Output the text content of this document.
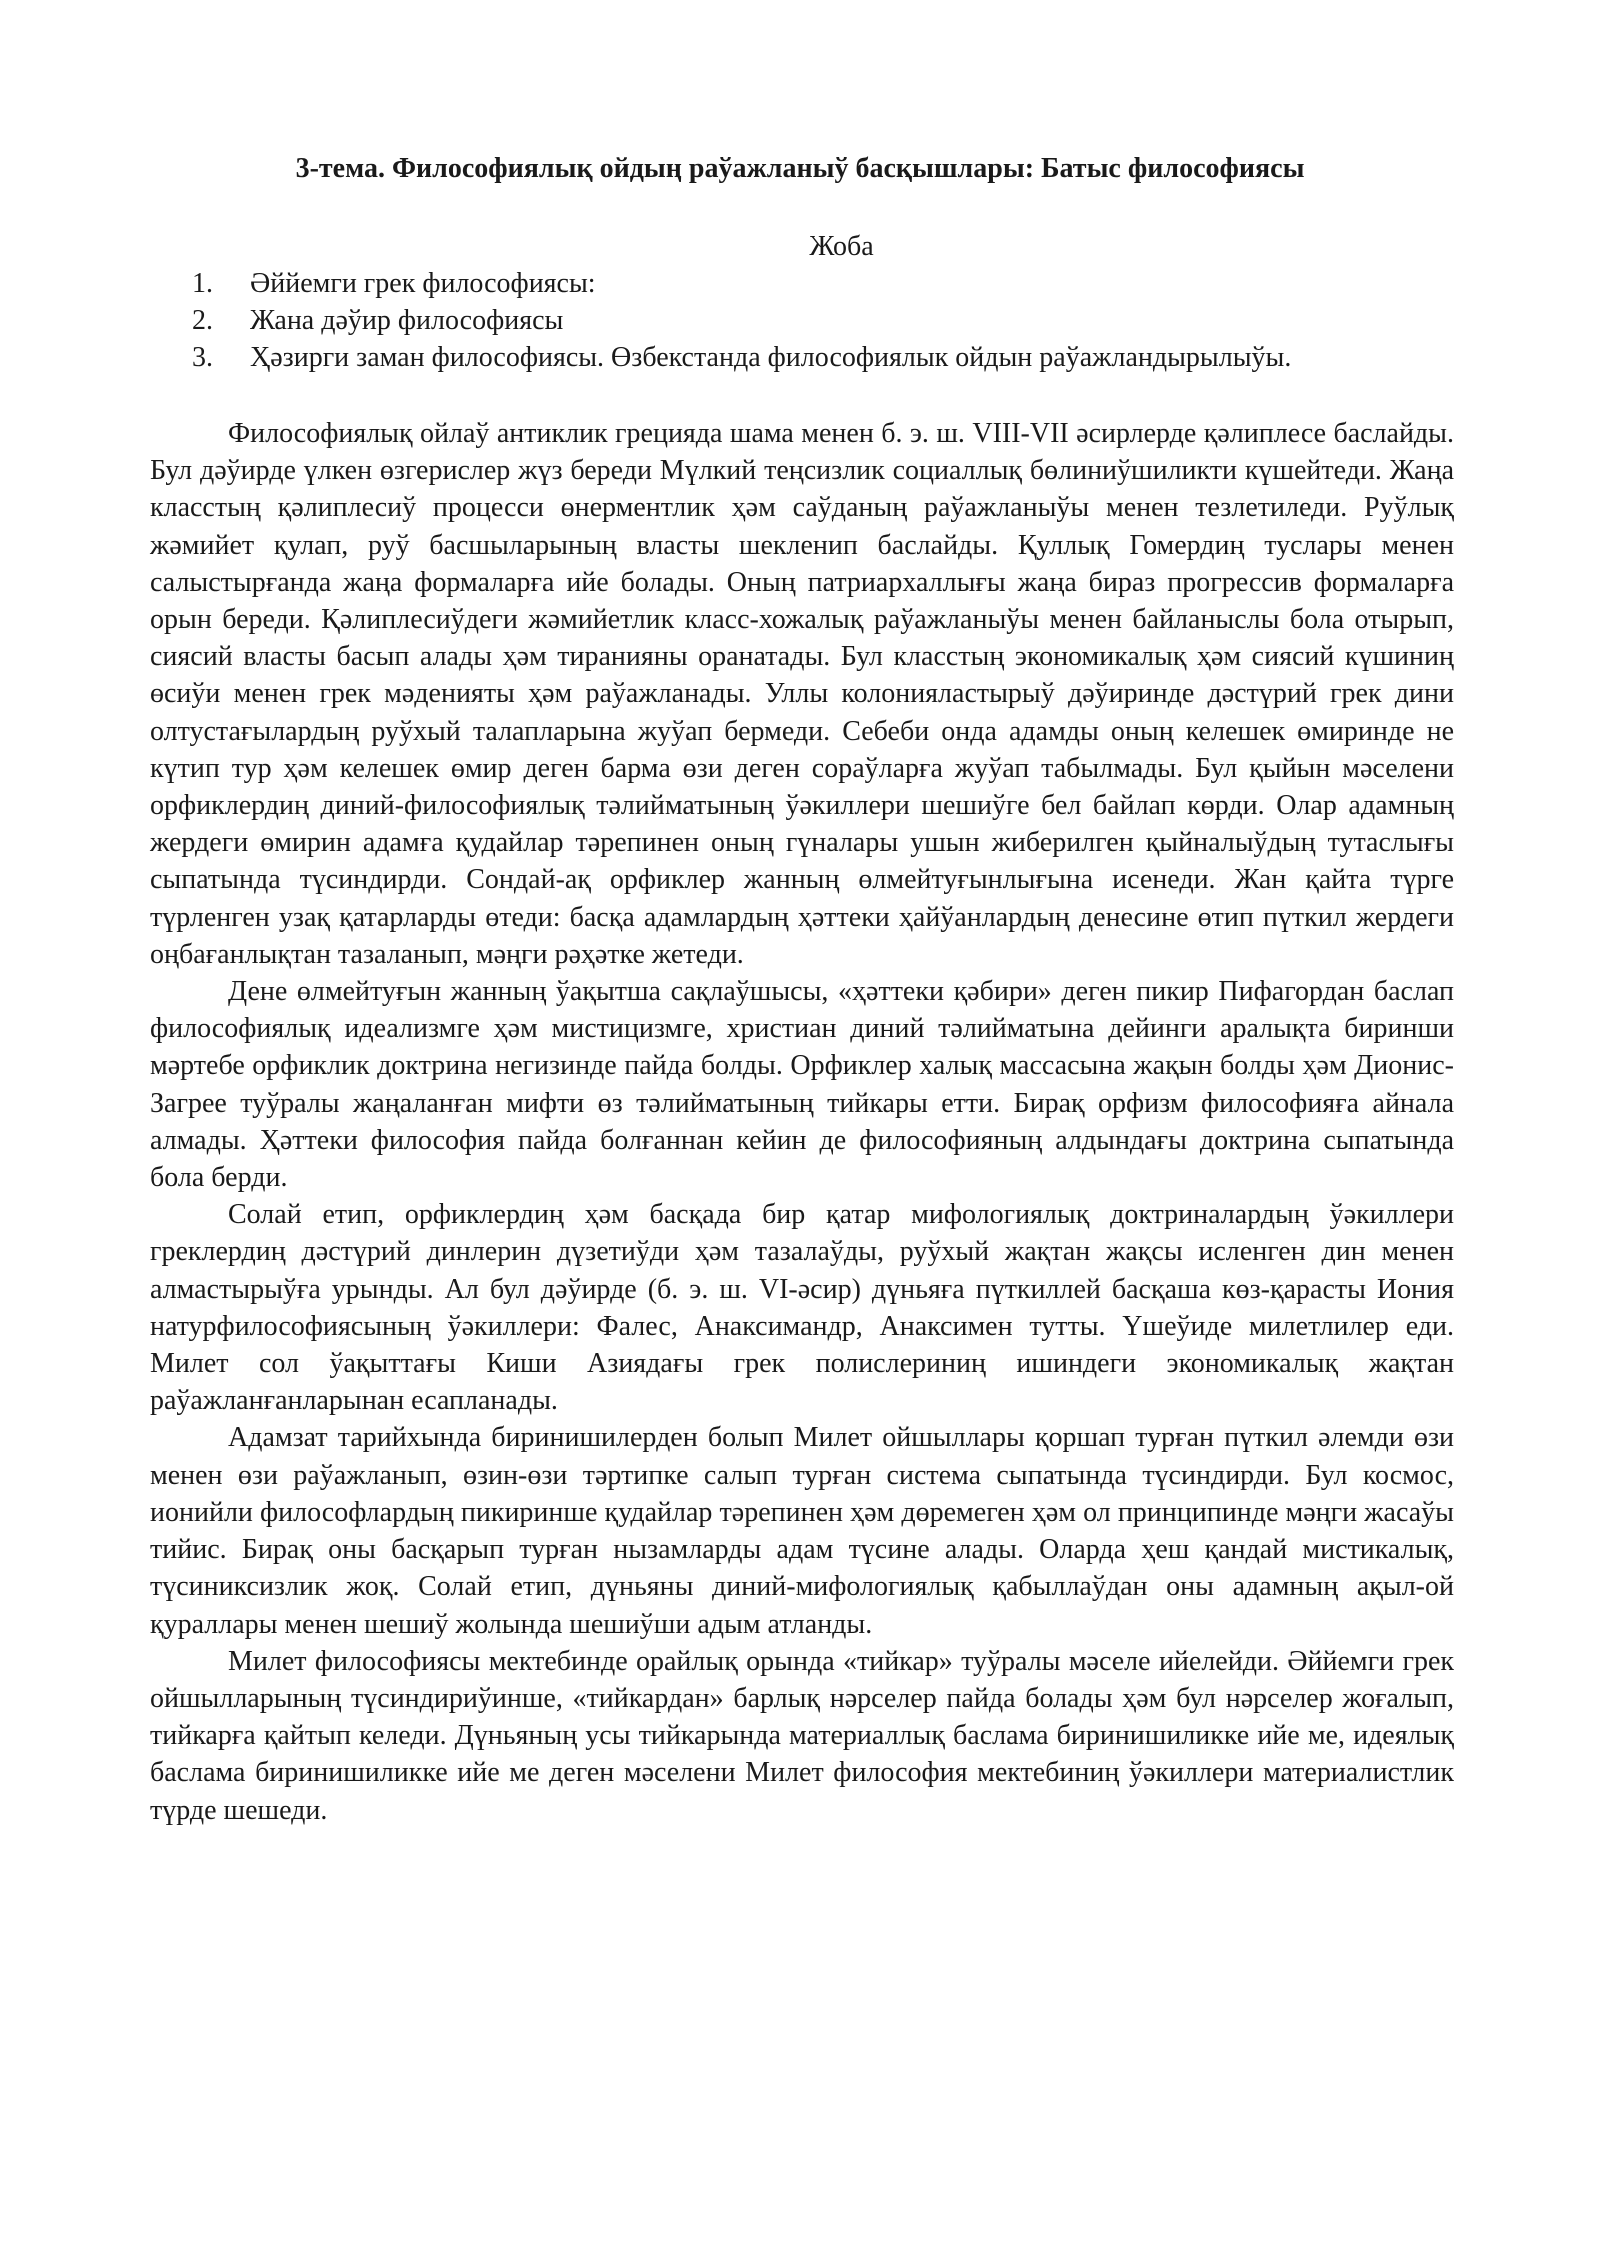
3-тема. Философиялық ойдың раўажланыў басқышлары: Батыс философиясы
Жоба
1. Әййемги грек философиясы:
2. Жана дәўир философиясы
3. Ҳәзирги заман философиясы. Өзбекстанда философиялык ойдын раўажландырылыўы.

Философиялық ойлаў антиклик грецияда шама менен б. э. ш. VIII-VII әсирлерде қәлиплесе баслайды. Бул дәўирде үлкен өзгерислер жүз береди Мүлкий теңсизлик социаллық бөлиниўшиликти күшейтеди. Жаңа класстың қәлиплесиў процесси өнерментлик ҳәм саўданың раўажланыўы менен тезлетиледи. Руўлық жәмийет қулап, руў басшыларының власты шекленип баслайды. Қуллық Гомердиң туслары менен салыстырғанда жаңа формаларға ийе болады. Оның патриархаллығы жаңа бираз прогрессив формаларға орын береди. Қәлиплесиўдеги жәмийетлик класс-хожалық раўажланыўы менен байланыслы бола отырып, сиясий власты басып алады ҳәм тиранияны оранатады. Бул класстың экономикалық ҳәм сиясий күшиниң өсиўи менен грек мәденияты ҳәм раўажланады. Уллы колонияластырыў дәўиринде дәстүрий грек дини олтустағылардың руўхый талапларына жуўап бермеди. Себеби онда адамды оның келешек өмиринде не күтип тур ҳәм келешек өмир деген барма өзи деген сораўларға жуўап табылмады. Бул қыйын мәселени орфиклердиң диний-философиялық тәлийматының ўәкиллери шешиўге бел байлап көрди. Олар адамның жердеги өмирин адамға қудайлар тәрепинен оның гүналары ушын жиберилген қыйналыўдың тутаслығы сыпатында түсиндирди. Сондай-ақ орфиклер жанның өлмейтуғынлығына исенеди. Жан қайта түрге түрленген узақ қатарларды өтеди: басқа адамлардың ҳәттеки ҳайўанлардың денесине өтип пүткил жердеги оңбағанлықтан тазаланып, мәңги рәҳәтке жетеди.

Дене өлмейтуғын жанның ўақытша сақлаўшысы, «ҳәттеки қәбири» деген пикир Пифагордан баслап философиялық идеализмге ҳәм мистицизмге, христиан диний тәлийматына дейинги аралықта биринши мәртебе орфиклик доктрина негизинде пайда болды. Орфиклер халық массасына жақын болды ҳәм Дионис-Загрее туўралы жаңаланған мифти өз тәлийматының тийкары етти. Бирақ орфизм философияға айнала алмады. Ҳәттеки философия пайда болғаннан кейин де философияның алдындағы доктрина сыпатында бола берди.

Солай етип, орфиклердиң ҳәм басқада бир қатар мифологиялық доктриналардың ўәкиллери греклердиң дәстүрий динлерин дүзетиўди ҳәм тазалаўды, руўхый жақтан жақсы исленген дин менен алмастырыўға урынды. Ал бул дәўирде (б. э. ш. VI-әсир) дүньяға пүткиллей басқаша көз-қарасты Иония натурфилософиясының ўәкиллери: Фалес, Анаксимандр, Анаксимен тутты. Үшеўиде милетлилер еди. Милет сол ўақыттағы Киши Азиядағы грек полислериниң ишиндеги экономикалық жақтан раўажланғанларынан есапланады.

Адамзат тарийхында биринишилерден болып Милет ойшыллары қоршап турған пүткил әлемди өзи менен өзи раўажланып, өзин-өзи тәртипке салып турған система сыпатында түсиндирди. Бул космос, ионийли философлардың пикиринше қудайлар тәрепинен ҳәм дөремеген ҳәм ол принципинде мәңги жасаўы тийис. Бирақ оны басқарып турған нызамларды адам түсине алады. Оларда ҳеш қандай мистикалық, түсиниксизлик жоқ. Солай етип, дүньяны диний-мифологиялық қабыллаўдан оны адамның ақыл-ой қураллары менен шешиў жолында шешиўши адым атланды.

Милет философиясы мектебинде орайлық орында «тийкар» туўралы мәселе ийелейди. Әййемги грек ойшылларының түсиндириўинше, «тийкардан» барлық нәрселер пайда болады ҳәм бул нәрселер жоғалып, тийкарға қайтып келеди. Дүньяның усы тийкарында материаллық баслама биринишиликке ийе ме, идеялық баслама биринишиликке ийе ме деген мәселени Милет философия мектебиниң ўәкиллери материалистлик түрде шешеди.
